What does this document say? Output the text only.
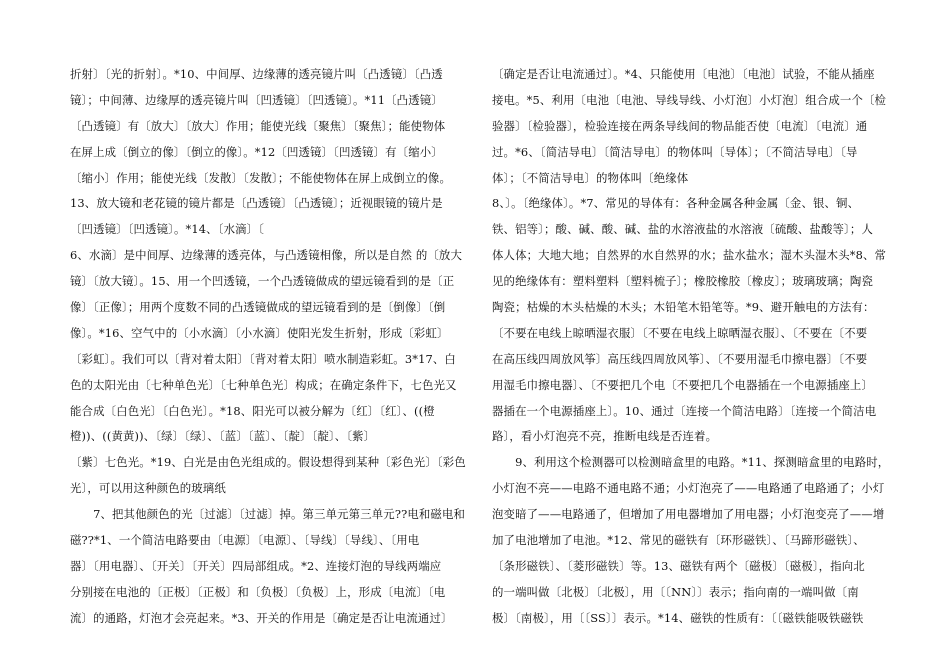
折射〕〔光的折射〕。*10、中间厚、边缘薄的透亮镜片叫〔凸透镜〕〔凸透
镜〕；中间薄、边缘厚的透亮镜片叫〔凹透镜〕〔凹透镜〕。*11〔凸透镜〕
〔凸透镜〕有〔放大〕〔放大〕作用；能使光线〔聚焦〕〔聚焦〕；能使物体
在屏上成〔倒立的像〕〔倒立的像〕。*12〔凹透镜〕〔凹透镜〕有〔缩小〕
〔缩小〕作用；能使光线〔发散〕〔发散〕；不能使物体在屏上成倒立的像。
13、放大镜和老花镜的镜片都是〔凸透镜〕〔凸透镜〕；近视眼镜的镜片是
〔凹透镜〕〔凹透镜〕。*14、〔水滴〕〔
6、水滴〕是中间厚、边缘薄的透亮体，与凸透镜相像，所以是自然 的〔放大
镜〕〔放大镜〕。15、用一个凹透镜，一个凸透镜做成的望远镜看到的是〔正
像〕〔正像〕；用两个度数不同的凸透镜做成的望远镜看到的是〔倒像〕〔倒
像〕。*16、空气中的〔小水滴〕〔小水滴〕使阳光发生折射，形成〔彩虹〕
〔彩虹〕。我们可以〔背对着太阳〕〔背对着太阳〕喷水制造彩虹。3*17、白
色的太阳光由〔七种单色光〕〔七种单色光〕构成；在确定条件下，七色光又
能合成〔白色光〕〔白色光〕。*18、阳光可以被分解为〔红〕〔红〕、((橙
橙))、((黄黄))、〔绿〕〔绿〕、〔蓝〕〔蓝〕、〔靛〕〔靛〕、〔紫〕
〔紫〕七色光。*19、白光是由色光组成的。假设想得到某种〔彩色光〕〔彩色
光〕，可以用这种颜色的玻璃纸
　　7、把其他颜色的光〔过滤〕〔过滤〕掉。第三单元第三单元??电和磁电和
磁??*1、一个简洁电路要由〔电源〕〔电源〕、〔导线〕〔导线〕、〔用电
器〕〔用电器〕、〔开关〕〔开关〕四局部组成。*2、连接灯泡的导线两端应
分别接在电池的〔正极〕〔正极〕和〔负极〕〔负极〕上，形成〔电流〕〔电
流〕的通路，灯泡才会亮起来。*3、开关的作用是〔确定是否让电流通过〕
〔确定是否让电流通过〕。*4、只能使用〔电池〕〔电池〕试验，不能从插座
接电。*5、利用〔电池〔电池、导线导线、小灯泡〕小灯泡〕组合成一个〔检
验器〕〔检验器〕，检验连接在两条导线间的物品能否使〔电流〕〔电流〕通
过。*6、〔简洁导电〕〔简洁导电〕的物体叫〔导体〕；〔不简洁导电〕〔导
体〕；〔不简洁导电〕的物体叫〔绝缘体
8、〕。〔绝缘体〕。*7、常见的导体有：各种金属各种金属〔金、银、铜、
铁、铝等〕；酸、碱、酸、碱、盐的水溶液盐的水溶液〔硫酸、盐酸等〕；人
体人体；大地大地；自然界的水自然界的水；盐水盐水；湿木头湿木头*8、常
见的绝缘体有：塑料塑料〔塑料梳子〕；橡胶橡胶〔橡皮〕；玻璃玻璃；陶瓷
陶瓷；枯燥的木头枯燥的木头；木铅笔木铅笔等。*9、避开触电的方法有：
〔不要在电线上晾晒湿衣服〕〔不要在电线上晾晒湿衣服〕、〔不要在〔不要
在高压线四周放风筝〕高压线四周放风筝〕、〔不要用湿毛巾擦电器〕〔不要
用湿毛巾擦电器〕、〔不要把几个电〔不要把几个电器插在一个电源插座上〕
器插在一个电源插座上〕。10、通过〔连接一个简洁电路〕〔连接一个简洁电
路〕，看小灯泡亮不亮，推断电线是否连着。
　　9、利用这个检测器可以检测暗盒里的电路。*11、探测暗盒里的电路时，
小灯泡不亮——电路不通电路不通；小灯泡亮了——电路通了电路通了；小灯
泡变暗了——电路通了，但增加了用电器增加了用电器；小灯泡变亮了——增
加了电池增加了电池。*12、常见的磁铁有〔环形磁铁〕、〔马蹄形磁铁〕、
〔条形磁铁〕、〔菱形磁铁〕等。13、磁铁有两个〔磁极〕〔磁极〕，指向北
的一端叫做〔北极〕〔北极〕，用〔〔NN〕〕表示；指向南的一端叫做〔南
极〕〔南极〕，用〔〔SS〕〕表示。*14、磁铁的性质有：〔〔磁铁能吸铁磁铁
